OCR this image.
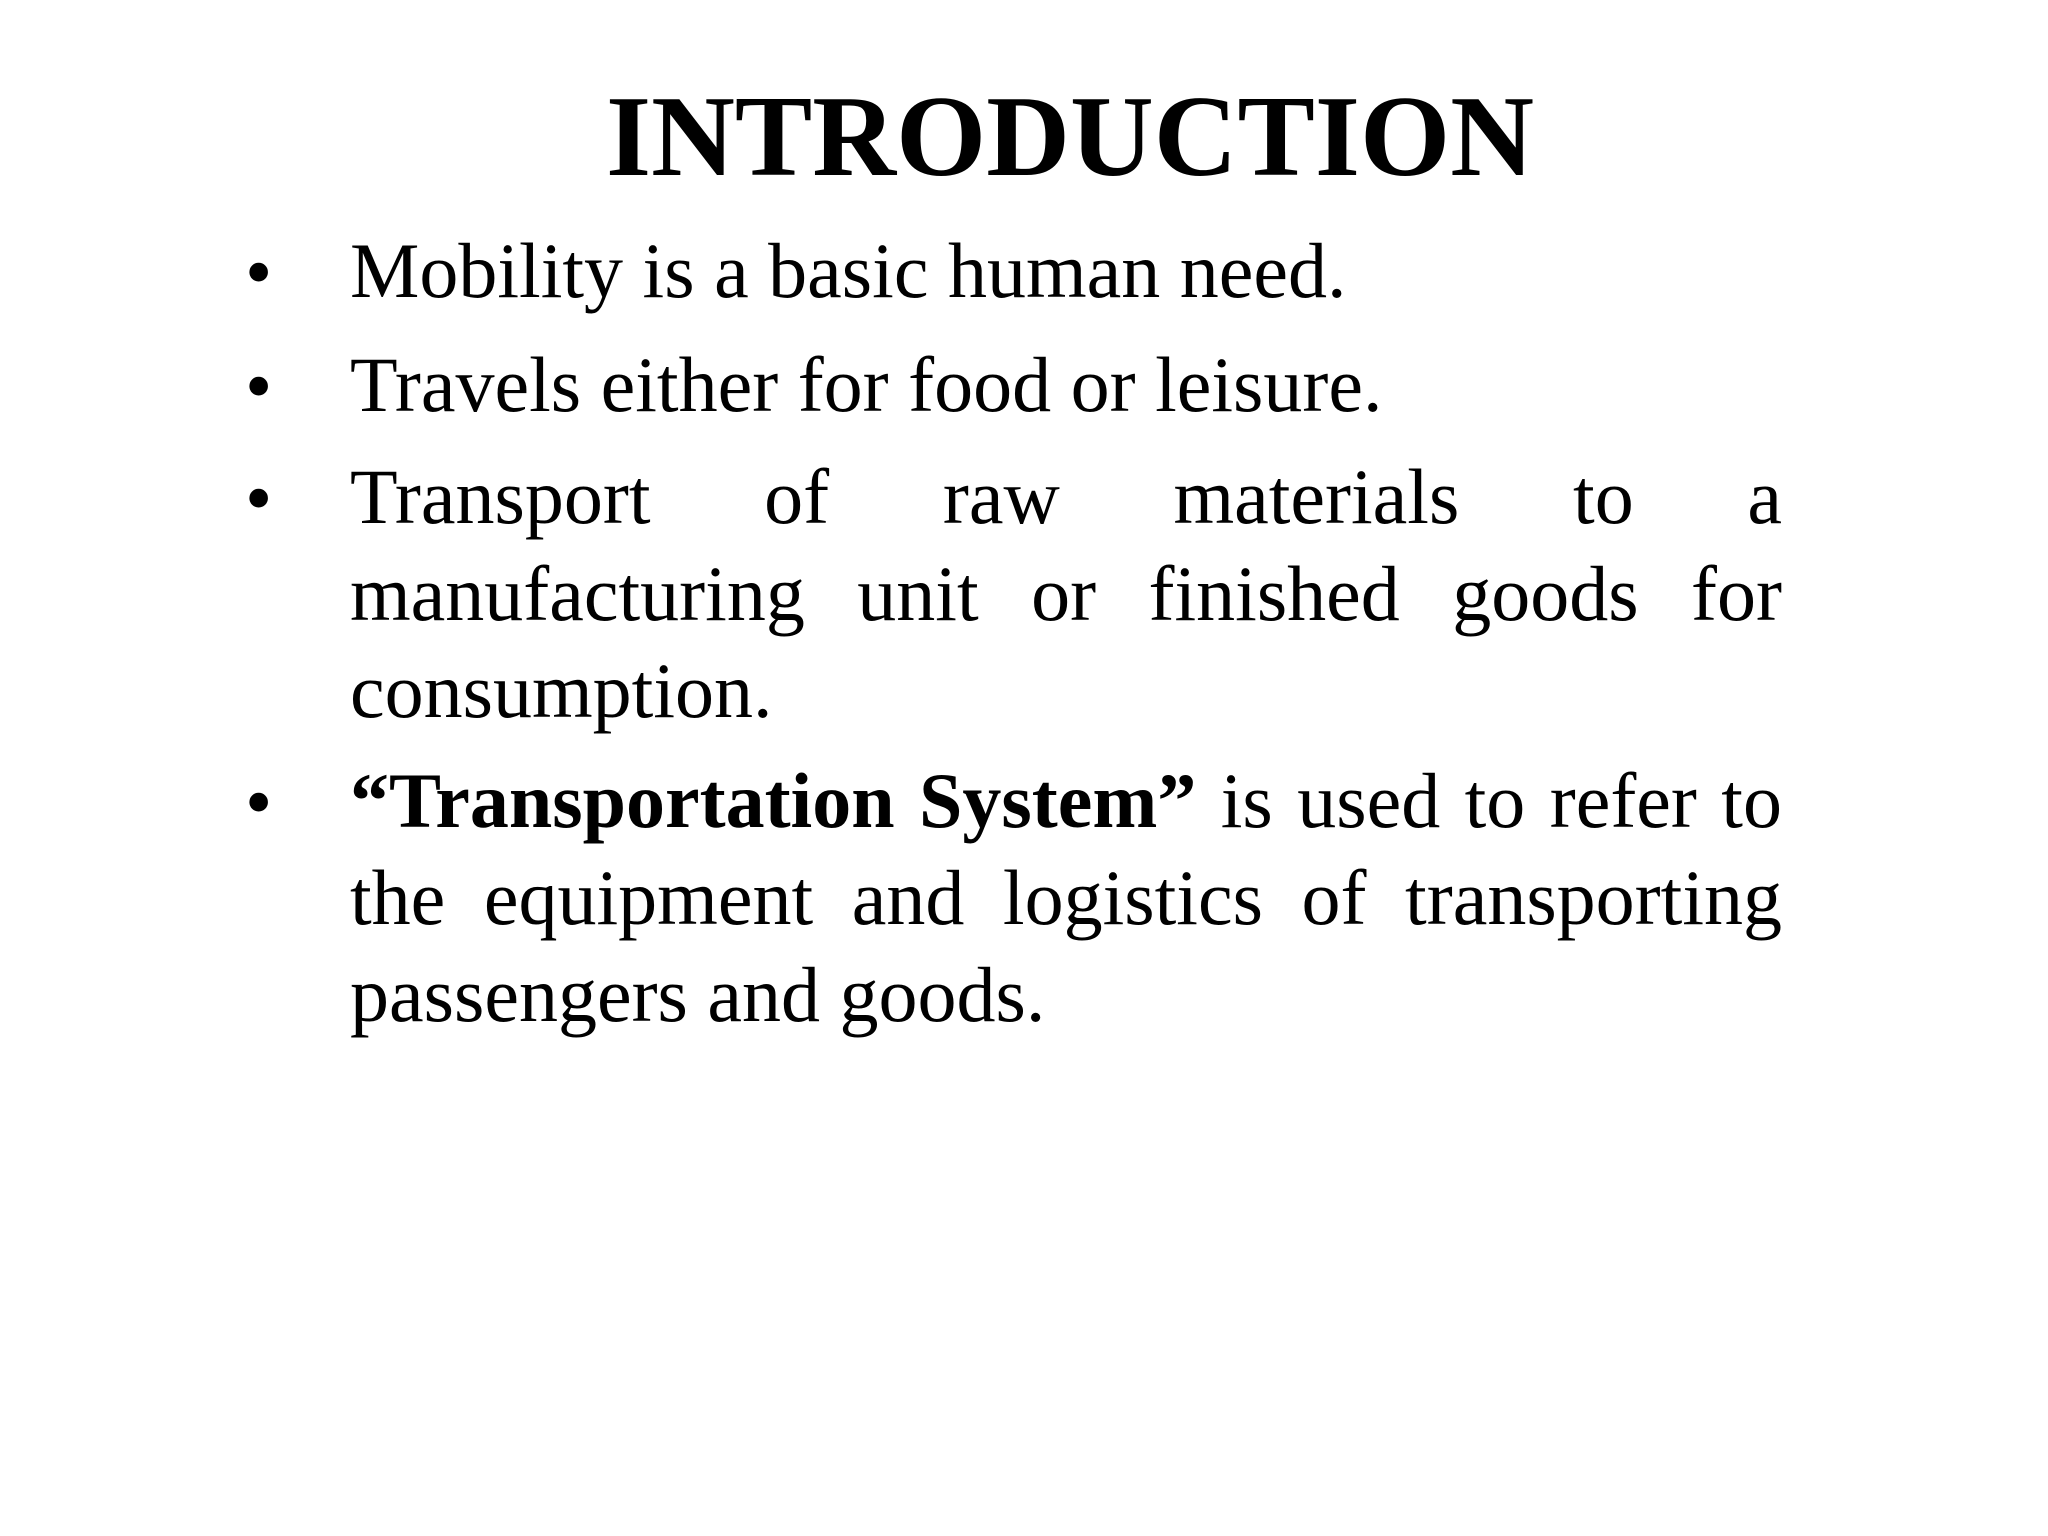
INTRODUCTION
• Mobility is a basic human need.
• Travels either for food or leisure.
• Transport of raw materials to a manufacturing unit or finished goods for consumption.
• “Transportation System” is used to refer to the equipment and logistics of transporting passengers and goods.
